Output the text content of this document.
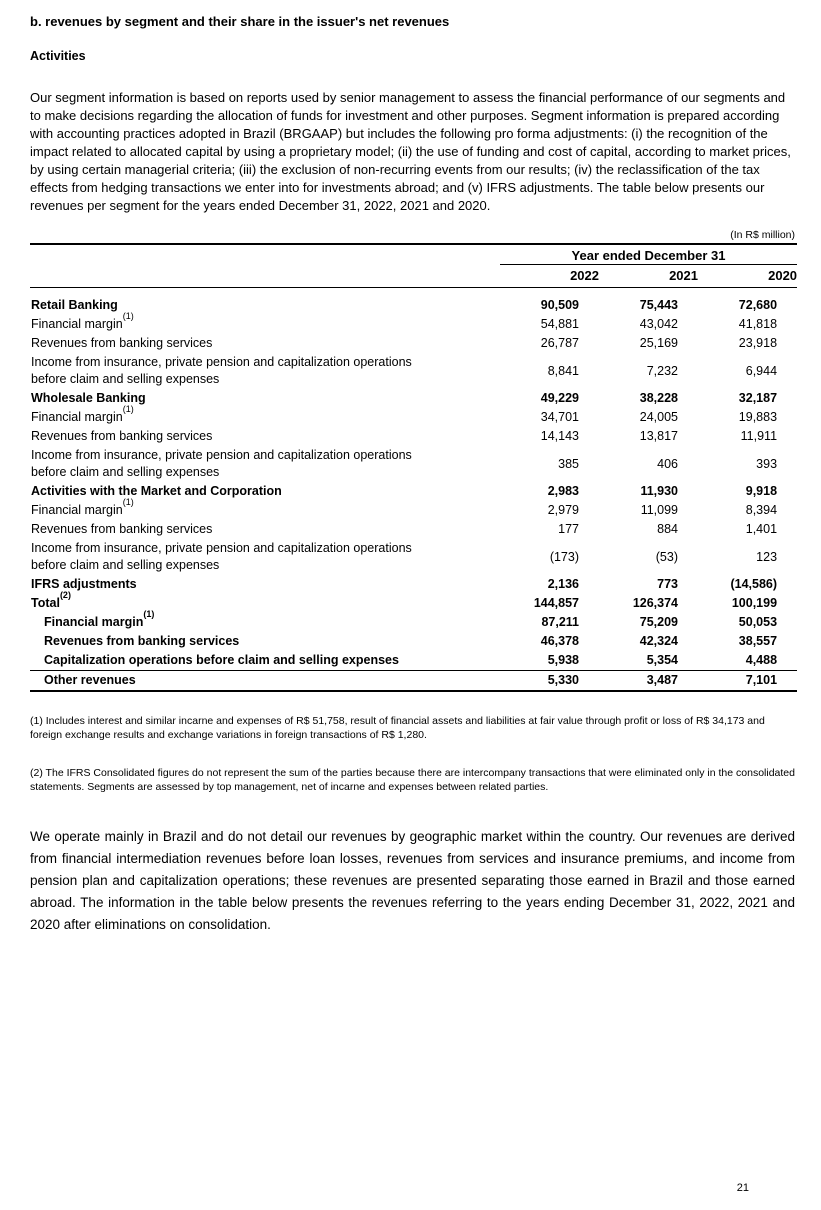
b. revenues by segment and their share in the issuer's net revenues

Activities

Our segment information is based on reports used by senior management to assess the financial performance of our segments and to make decisions regarding the allocation of funds for investment and other purposes. Segment information is prepared according with accounting practices adopted in Brazil (BRGAAP) but includes the following pro forma adjustments: (i) the recognition of the impact related to allocated capital by using a proprietary model; (ii) the use of funding and cost of capital, according to market prices, by using certain managerial criteria; (iii) the exclusion of non-recurring events from our results; (iv) the reclassification of the tax effects from hedging transactions we enter into for investments abroad; and (v) IFRS adjustments. The table below presents our revenues per segment for the years ended December 31, 2022, 2021 and 2020.

(In R$ million)

	Year ended December 31		
	2022	2021	2020

Retail Banking	90,509	75,443	72,680

Financial margin$^{(1)}$	54,881	43,042	41,818

Revenues from banking services	26,787	25,169	23,918

Income from insurance, private pension and capitalization operations before claim and selling expenses	8,841	7,232	6,944

Wholesale Banking	49,229	38,228	32,187

Financial margin$^{(1)}$	34,701	24,005	19,883

Revenues from banking services	14,143	13,817	11,911

Income from insurance, private pension and capitalization operations before claim and selling expenses	385	406	393

Activities with the Market and Corporation	2,983	11,930	9,918

Financial margin$^{(1)}$	2,979	11,099	8,394

Revenues from banking services	177	884	1,401

Income from insurance, private pension and capitalization operations before claim and selling expenses	(173)	(53)	123

IFRS adjustments	2,136	773	(14,586)

Total$^{(2)}$	144,857	126,374	100,199

Financial margin$^{(1)}$	87,211	75,209	50,053

Revenues from banking services	46,378	42,324	38,557

Capitalization operations before claim and selling expenses	5,938	5,354	4,488

Other revenues	5,330	3,487	7,101

(1) Includes interest and similar incarne and expenses of R$ 51,758, result of financial assets and liabilities at fair value through profit or loss of R$ 34,173 and foreign exchange results and exchange variations in foreign transactions of R$ 1,280.

(2) The IFRS Consolidated figures do not represent the sum of the parties because there are intercompany transactions that were eliminated only in the consolidated statements. Segments are assessed by top management, net of incarne and expenses between related parties.

We operate mainly in Brazil and do not detail our revenues by geographic market within the country. Our revenues are derived from financial intermediation revenues before loan losses, revenues from services and insurance premiums, and income from pension plan and capitalization operations; these revenues are presented separating those earned in Brazil and those earned abroad. The information in the table below presents the revenues referring to the years ending December 31, 2022, 2021 and 2020 after eliminations on consolidation.

21
